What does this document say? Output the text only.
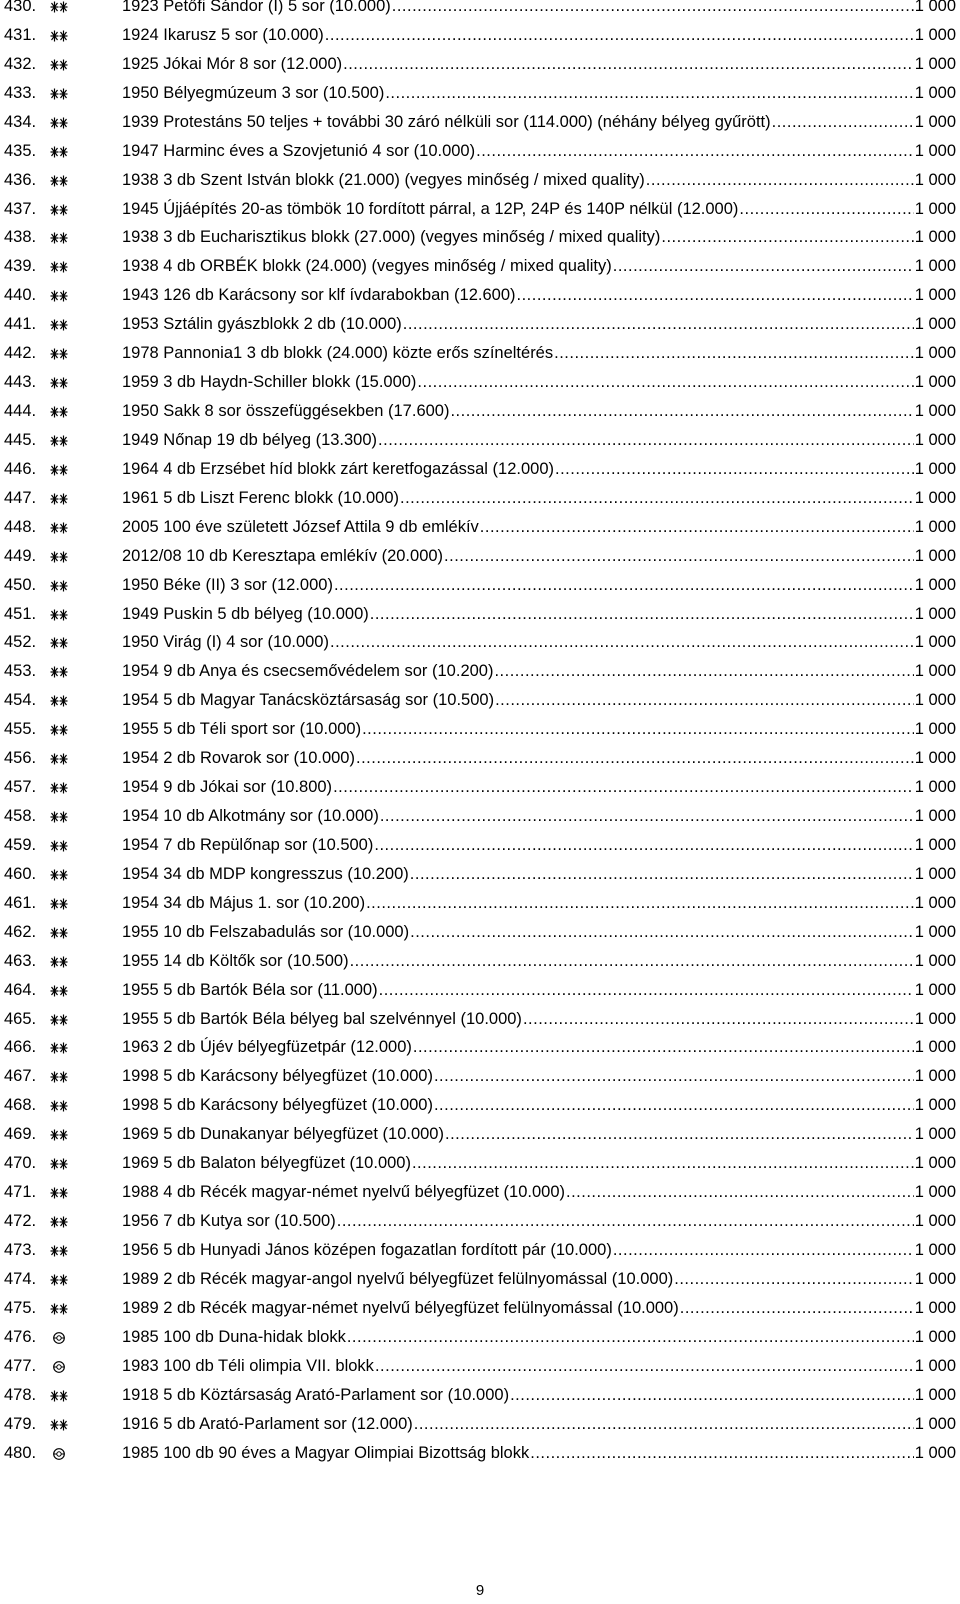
430.	1923 Petőfi Sándor (I) 5 sor (10.000) .....	1 000
431.	1924 Ikarusz 5 sor (10.000) .....	1 000
432.	1925 Jókai Mór 8 sor (12.000) .....	1 000
433.	1950 Bélyegmúzeum 3 sor (10.500) .....	1 000
434.	1939 Protestáns 50 teljes + további 30 záró nélküli sor (114.000) (néhány bélyeg gyűrött) .....	1 000
435.	1947 Harminc éves a Szovjetunió 4 sor (10.000) .....	1 000
436.	1938 3 db Szent István blokk (21.000) (vegyes minőség / mixed quality) .....	1 000
437.	1945 Újjáépítés 20-as tömbök 10 fordított párral, a 12P, 24P és 140P nélkül (12.000) .....	1 000
438.	1938 3 db Eucharisztikus blokk (27.000) (vegyes minőség / mixed quality) .....	1 000
439.	1938 4 db ORBÉK blokk (24.000) (vegyes minőség / mixed quality) .....	1 000
440.	1943 126 db Karácsony sor klf ívdarabokban (12.600) .....	1 000
441.	1953 Sztálin gyászblokk 2 db (10.000) .....	1 000
442.	1978 Pannonia1 3 db blokk (24.000) közte erős színeltérés .....	1 000
443.	1959 3 db Haydn-Schiller blokk (15.000) .....	1 000
444.	1950 Sakk 8 sor összefüggésekben (17.600) .....	1 000
445.	1949 Nőnap 19 db bélyeg (13.300) .....	1 000
446.	1964 4 db Erzsébet híd blokk zárt keretfogazással (12.000) .....	1 000
447.	1961 5 db Liszt Ferenc blokk (10.000) .....	1 000
448.	2005 100 éve született József Attila 9 db emlékív .....	1 000
449.	2012/08 10 db Keresztapa emlékív (20.000) .....	1 000
450.	1950 Béke (II) 3 sor (12.000) .....	1 000
451.	1949 Puskin 5 db bélyeg (10.000) .....	1 000
452.	1950 Virág (I) 4 sor (10.000) .....	1 000
453.	1954 9 db Anya és csecsemővédelem sor (10.200) .....	1 000
454.	1954 5 db Magyar Tanácsköztársaság sor (10.500) .....	1 000
455.	1955 5 db Téli sport sor (10.000) .....	1 000
456.	1954 2 db Rovarok sor (10.000) .....	1 000
457.	1954 9 db Jókai sor (10.800) .....	1 000
458.	1954 10 db Alkotmány sor (10.000) .....	1 000
459.	1954 7 db Repülőnap sor (10.500) .....	1 000
460.	1954 34 db MDP kongresszus (10.200) .....	1 000
461.	1954 34 db Május 1. sor (10.200) .....	1 000
462.	1955 10 db Felszabadulás sor (10.000) .....	1 000
463.	1955 14 db Költők sor (10.500) .....	1 000
464.	1955 5 db Bartók Béla sor (11.000) .....	1 000
465.	1955 5 db Bartók Béla bélyeg bal szelvénnyel (10.000) .....	1 000
466.	1963 2 db Újév bélyegfüzetpár (12.000) .....	1 000
467.	1998 5 db Karácsony bélyegfüzet (10.000) .....	1 000
468.	1998 5 db Karácsony bélyegfüzet (10.000) .....	1 000
469.	1969 5 db Dunakanyar bélyegfüzet (10.000) .....	1 000
470.	1969 5 db Balaton bélyegfüzet (10.000) .....	1 000
471.	1988 4 db Récék magyar-német nyelvű bélyegfüzet (10.000) .....	1 000
472.	1956 7 db Kutya sor (10.500) .....	1 000
473.	1956 5 db Hunyadi János középen fogazatlan fordított pár (10.000) .....	1 000
474.	1989 2 db Récék magyar-angol nyelvű bélyegfüzet felülnyomással (10.000) .....	1 000
475.	1989 2 db Récék magyar-német nyelvű bélyegfüzet felülnyomással (10.000) .....	1 000
476.	1985 100 db Duna-hidak blokk .....	1 000
477.	1983 100 db Téli olimpia VII. blokk .....	1 000
478.	1918 5 db Köztársaság Arató-Parlament sor (10.000) .....	1 000
479.	1916 5 db Arató-Parlament sor (12.000) .....	1 000
480.	1985 100 db 90 éves a Magyar Olimpiai Bizottság blokk .....	1 000
9
